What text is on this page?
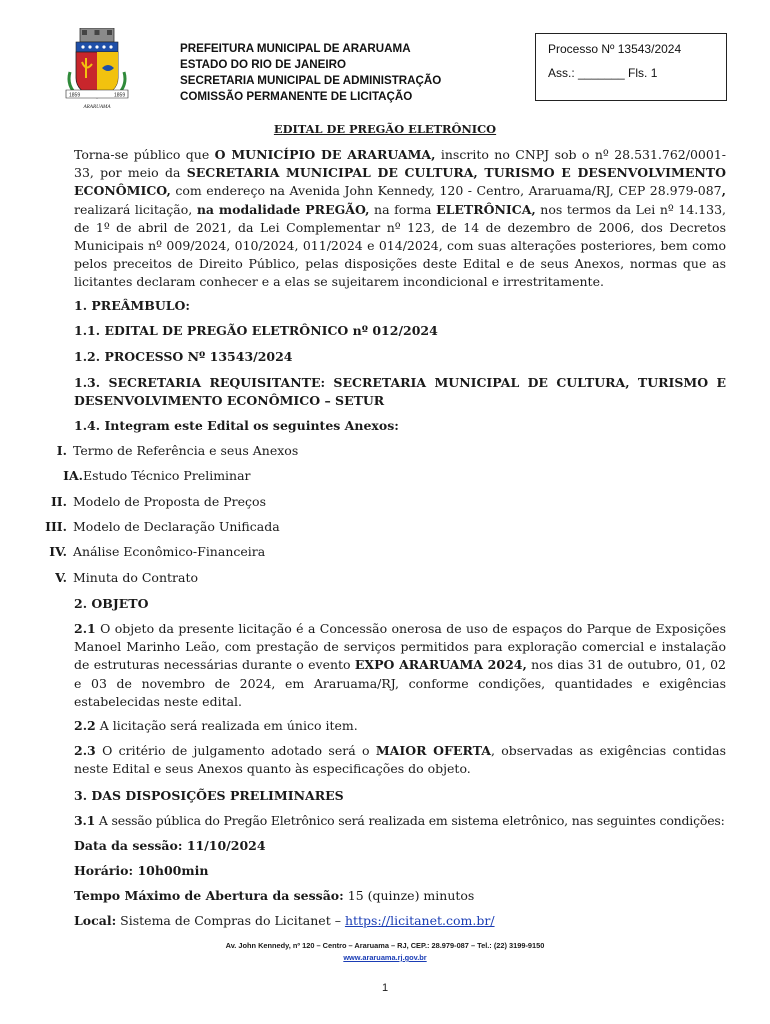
1859	1859
ARARUAMA
PREFEITURA MUNICIPAL DE ARARUAMA
ESTADO DO RIO DE JANEIRO
SECRETARIA MUNICIPAL DE ADMINISTRAÇÃO
COMISSÃO PERMANENTE DE LICITAÇÃO
Processo Nº 13543/2024
Ass.: _______ Fls. 1
EDITAL DE PREGÃO ELETRÔNICO
Torna-se público que O MUNICÍPIO DE ARARUAMA, inscrito no CNPJ sob o nº 28.531.762/0001-33, por meio da SECRETARIA MUNICIPAL DE CULTURA, TURISMO E DESENVOLVIMENTO ECONÔMICO, com endereço na Avenida John Kennedy, 120 - Centro, Araruama/RJ, CEP 28.979-087, realizará licitação, na modalidade PREGÃO, na forma ELETRÔNICA, nos termos da Lei nº 14.133, de 1º de abril de 2021, da Lei Complementar nº 123, de 14 de dezembro de 2006, dos Decretos Municipais nº 009/2024, 010/2024, 011/2024 e 014/2024, com suas alterações posteriores, bem como pelos preceitos de Direito Público, pelas disposições deste Edital e de seus Anexos, normas que as licitantes declaram conhecer e a elas se sujeitarem incondicional e irrestritamente.
1. PREÂMBULO:
1.1. EDITAL DE PREGÃO ELETRÔNICO nº 012/2024
1.2. PROCESSO Nº 13543/2024
1.3. SECRETARIA REQUISITANTE: SECRETARIA MUNICIPAL DE CULTURA, TURISMO E
DESENVOLVIMENTO ECONÔMICO – SETUR
1.4. Integram este Edital os seguintes Anexos:
I. Termo de Referência e seus Anexos
IA.Estudo Técnico Preliminar
II. Modelo de Proposta de Preços
III. Modelo de Declaração Unificada
IV. Análise Econômico-Financeira
V. Minuta do Contrato
2. OBJETO
2.1 O objeto da presente licitação é a Concessão onerosa de uso de espaços do Parque de Exposições Manoel Marinho Leão, com prestação de serviços permitidos para exploração comercial e instalação de estruturas necessárias durante o evento EXPO ARARUAMA 2024, nos dias 31 de outubro, 01, 02 e 03 de novembro de 2024, em Araruama/RJ, conforme condições, quantidades e exigências estabelecidas neste edital.
2.2 A licitação será realizada em único item.
2.3 O critério de julgamento adotado será o MAIOR OFERTA, observadas as exigências contidas neste Edital e seus Anexos quanto às especificações do objeto.
3. DAS DISPOSIÇÕES PRELIMINARES
3.1 A sessão pública do Pregão Eletrônico será realizada em sistema eletrônico, nas seguintes condições:
Data da sessão: 11/10/2024
Horário: 10h00min
Tempo Máximo de Abertura da sessão: 15 (quinze) minutos
Local: Sistema de Compras do Licitanet – https://licitanet.com.br/
Av. John Kennedy, nº 120 – Centro – Araruama – RJ, CEP.: 28.979-087 – Tel.: (22) 3199-9150
www.araruama.rj.gov.br
1
